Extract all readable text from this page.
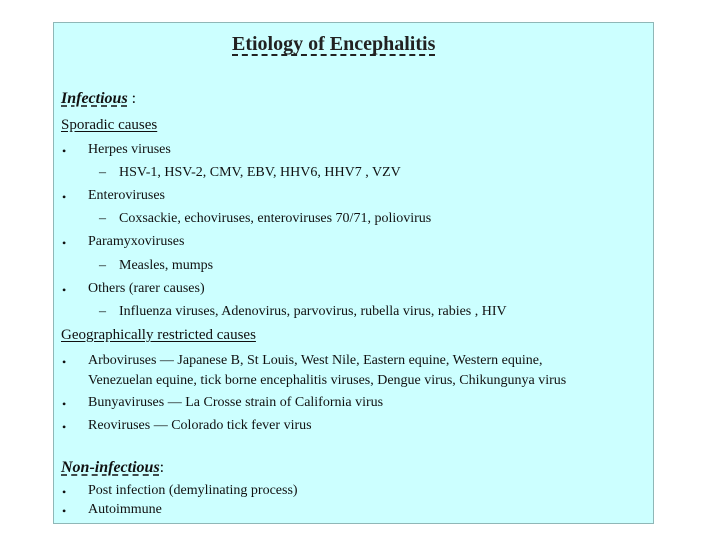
Etiology of Encephalitis
Infectious :
Sporadic causes
• Herpes viruses
– HSV-1, HSV-2, CMV, EBV, HHV6, HHV7 , VZV
• Enteroviruses
– Coxsackie, echoviruses, enteroviruses 70/71, poliovirus
• Paramyxoviruses
– Measles, mumps
• Others (rarer causes)
– Influenza viruses, Adenovirus, parvovirus, rubella virus, rabies , HIV
Geographically restricted causes
• Arboviruses — Japanese B, St Louis, West Nile, Eastern equine, Western equine,
Venezuelan equine, tick borne encephalitis viruses, Dengue virus, Chikungunya virus
• Bunyaviruses — La Crosse strain of California virus
• Reoviruses — Colorado tick fever virus
Non-infectious:
• Post infection (demylinating process)
• Autoimmune
